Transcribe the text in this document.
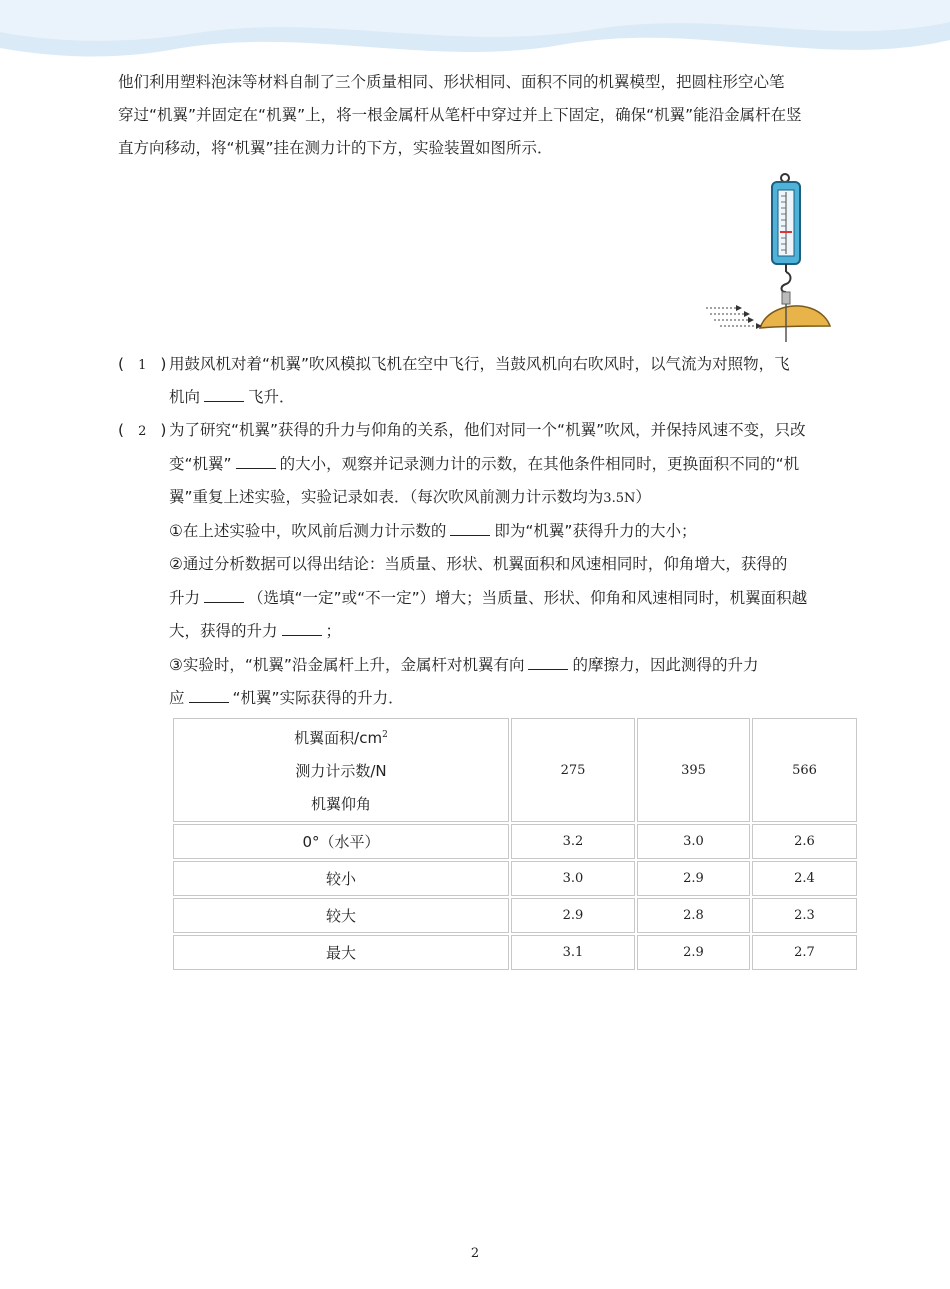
他们利用塑料泡沫等材料自制了三个质量相同、形状相同、面积不同的机翼模型，把圆柱形空心笔
穿过“机翼”并固定在“机翼”上，将一根金属杆从笔杆中穿过并上下固定，确保“机翼”能沿金属杆在竖
直方向移动，将“机翼”挂在测力计的下方，实验装置如图所示．
( 1 ) 用鼓风机对着“机翼”吹风模拟飞机在空中飞行，当鼓风机向右吹风时，以气流为对照物，飞
机向	飞升．
( 2 ) 为了研究“机翼”获得的升力与仰角的关系，他们对同一个“机翼”吹风，并保持风速不变，只改
变“机翼”	的大小，观察并记录测力计的示数，在其他条件相同时，更换面积不同的“机
翼”重复上述实验，实验记录如表．（每次吹风前测力计示数均为3.5N）
①在上述实验中，吹风前后测力计示数的	即为“机翼”获得升力的大小；
②通过分析数据可以得出结论：当质量、形状、机翼面积和风速相同时，仰角增大，获得的
升力	（选填“一定”或“不一定”）增大；当质量、形状、仰角和风速相同时，机翼面积越
大，获得的升力	；
③实验时，“机翼”沿金属杆上升，金属杆对机翼有向	的摩擦力，因此测得的升力
应	“机翼”实际获得的升力．
机翼面积$/cm^2$
测力计示数/N
机翼仰角	275	395	566
0°（水平）	3.2	3.0	2.6
较小	3.0	2.9	2.4
较大	2.9	2.8	2.3
最大	3.1	2.9	2.7
2
